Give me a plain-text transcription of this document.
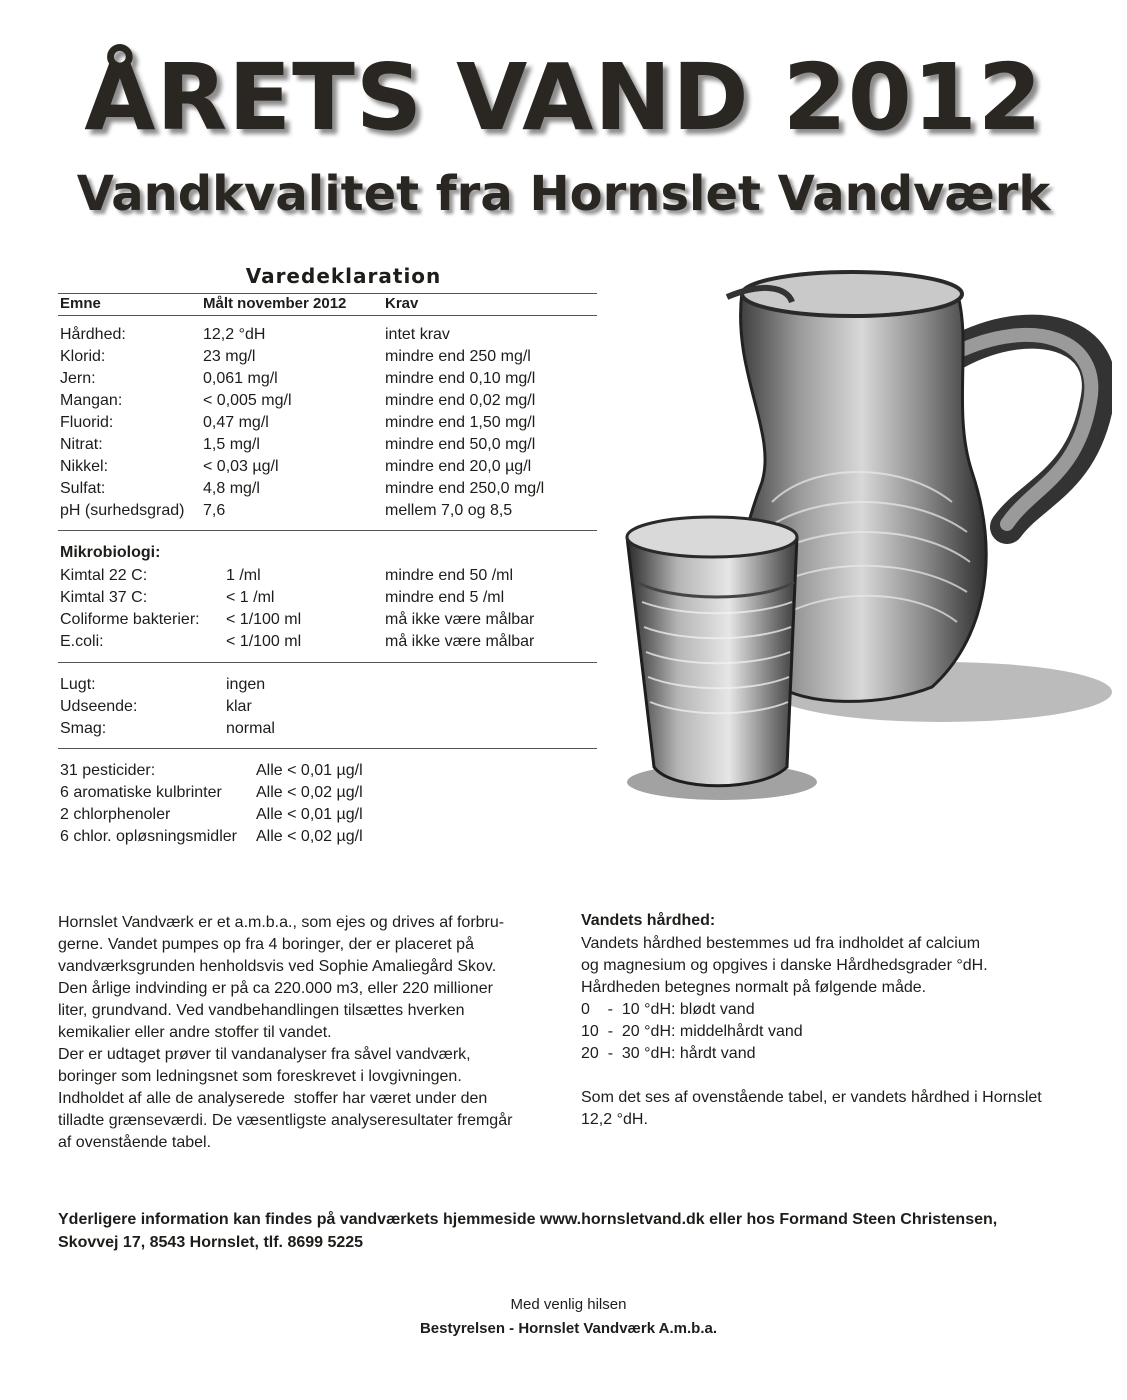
ÅRETS VAND 2012
Vandkvalitet fra Hornslet Vandværk
Varedeklaration
Emne	Målt november 2012	Krav
Hårdhed:	12,2 °dH	intet krav
Klorid:	23 mg/l	mindre end 250 mg/l
Jern:	0,061 mg/l	mindre end 0,10 mg/l
Mangan:	< 0,005 mg/l	mindre end 0,02 mg/l
Fluorid:	0,47 mg/l	mindre end 1,50 mg/l
Nitrat:	1,5 mg/l	mindre end 50,0 mg/l
Nikkel:	< 0,03 µg/l	mindre end 20,0 µg/l
Sulfat:	4,8 mg/l	mindre end 250,0 mg/l
pH (surhedsgrad) 7,6	mellem 7,0 og 8,5
Mikrobiologi:
Kimtal 22 C:	1 /ml	mindre end 50 /ml
Kimtal 37 C:	< 1 /ml	mindre end 5 /ml
Coliforme bakterier: < 1/100 ml	må ikke være målbar
E.coli:	< 1/100 ml	må ikke være målbar
Lugt:	ingen
Udseende:	klar
Smag:	normal
31 pesticider:	Alle < 0,01 µg/l
6 aromatiske kulbrinter Alle < 0,02 µg/l
2 chlorphenoler	Alle < 0,01 µg/l
6 chlor. opløsningsmidler Alle < 0,02 µg/l
Hornslet Vandværk er et a.m.b.a., som ejes og drives af forbru-
gerne. Vandet pumpes op fra 4 boringer, der er placeret på
vandværksgrunden henholdsvis ved Sophie Amaliegård Skov.
Den årlige indvinding er på ca 220.000 m3, eller 220 millioner
liter, grundvand. Ved vandbehandlingen tilsættes hverken
kemikalier eller andre stoffer til vandet.
Der er udtaget prøver til vandanalyser fra såvel vandværk,
boringer som ledningsnet som foreskrevet i lovgivningen.
Indholdet af alle de analyserede  stoffer har været under den
tilladte grænseværdi. De væsentligste analyseresultater fremgår
af ovenstående tabel.
Vandets hårdhed:
Vandets hårdhed bestemmes ud fra indholdet af calcium
og magnesium og opgives i danske Hårdhedsgrader °dH.
Hårdheden betegnes normalt på følgende måde.
0    -  10 °dH: blødt vand
10  -  20 °dH: middelhårdt vand
20  -  30 °dH: hårdt vand
Som det ses af ovenstående tabel, er vandets hårdhed i Hornslet
12,2 °dH.
Yderligere information kan findes på vandværkets hjemmeside www.hornsletvand.dk eller hos Formand Steen Christensen,
Skovvej 17, 8543 Hornslet, tlf. 8699 5225
Med venlig hilsen
Bestyrelsen - Hornslet Vandværk A.m.b.a.
